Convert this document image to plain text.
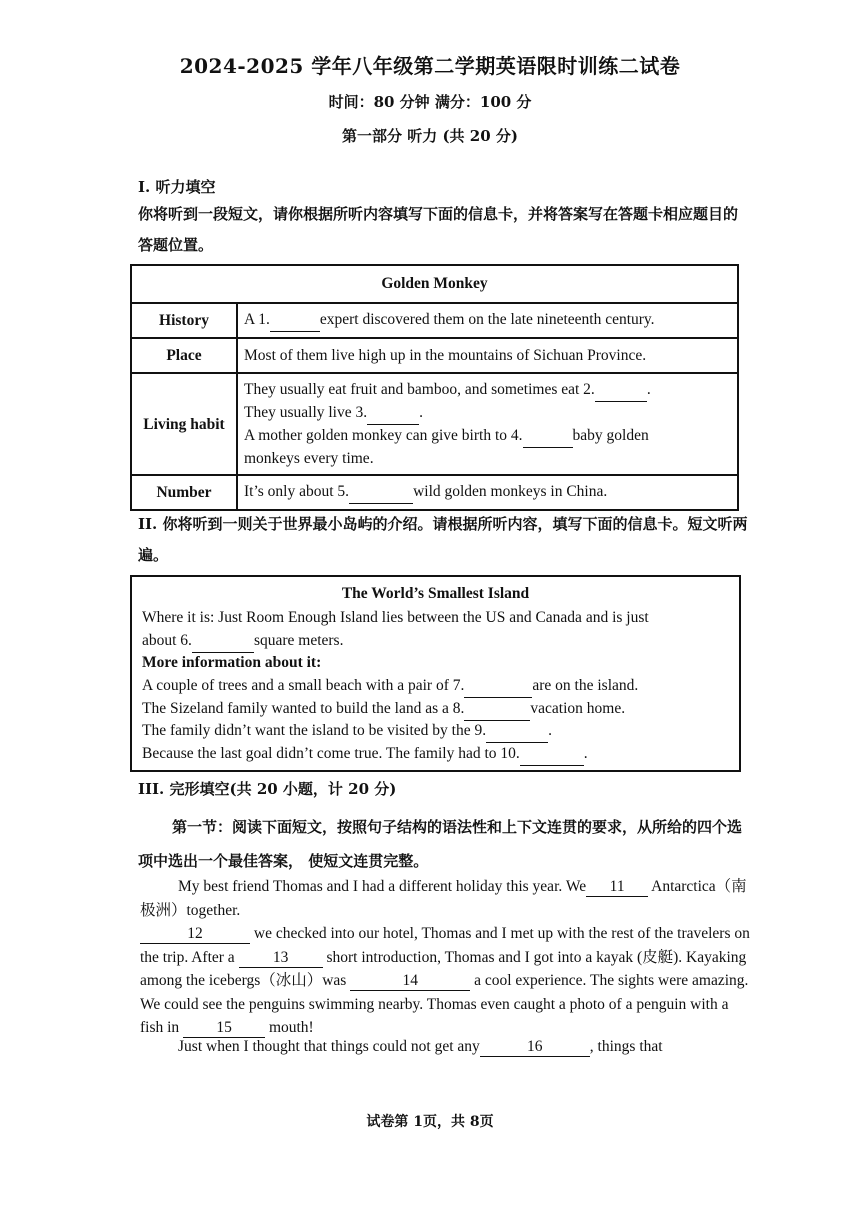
2024-2025 学年八年级第二学期英语限时训练二试卷
时间：80 分钟 满分：100 分
第一部分 听力 (共 20 分)
I. 听力填空
你将听到一段短文，请你根据所听内容填写下面的信息卡，并将答案写在答题卡相应题目的答题位置。
Golden Monkey	
History	A 1. expert discovered them on the late nineteenth century.
Place	Most of them live high up in the mountains of Sichuan Province.
Living habit	They usually eat fruit and bamboo, and sometimes eat 2. .
They usually live 3. .
A mother golden monkey can give birth to 4. baby golden
monkeys every time.

Number	It’s only about 5. wild golden monkeys in China.
II. 你将听到一则关于世界最小岛屿的介绍。请根据所听内容，填写下面的信息卡。短文听两遍。
The World’s Smallest Island
Where it is: Just Room Enough Island lies between the US and Canada and is just
about 6.	square meters.
More information about it:
A couple of trees and a small beach with a pair of 7.	are on the island.
The Sizeland family wanted to build the land as a 8.	vacation home.
The family didn’t want the island to be visited by the 9.	.
Because the last goal didn’t come true. The family had to 10.	.
III. 完形填空(共 20 小题，计 20 分)
第一节：阅读下面短文，按照句子结构的语法性和上下文连贯的要求，从所给的四个选项中选出一个最佳答案， 使短文连贯完整。
My best friend Thomas and I had a different holiday this year. We 11 Antarctica（南极洲）together.
12	we checked into our hotel, Thomas and I met up with the rest of the travelers on the trip. After a 13 short introduction, Thomas and I got into a kayak (皮艇). Kayaking among the icebergs（冰山）was	14	a cool experience. The sights were amazing. We could see the penguins swimming nearby. Thomas even caught a photo of a penguin with a fish in 15 mouth!
Just when I thought that things could not get any	16	, things that
试卷第 1页，共 8页
